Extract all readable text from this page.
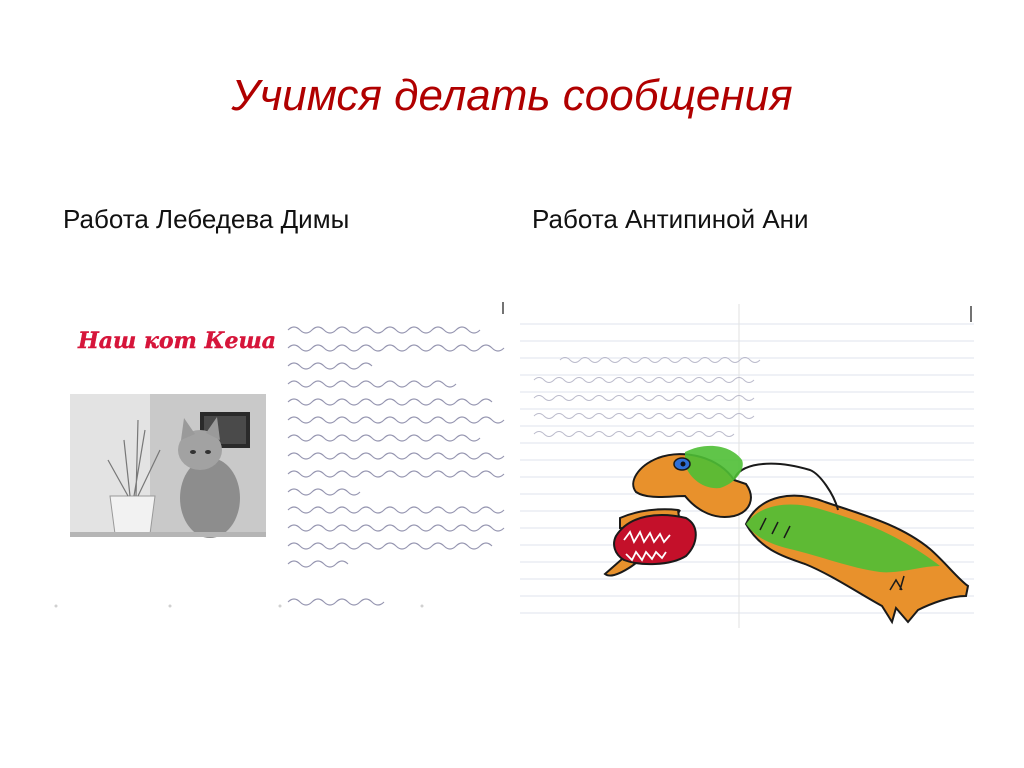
Учимся делать сообщения
Работа Лебедева Димы	Работа Антипиной Ани
Наш кот Кеша
